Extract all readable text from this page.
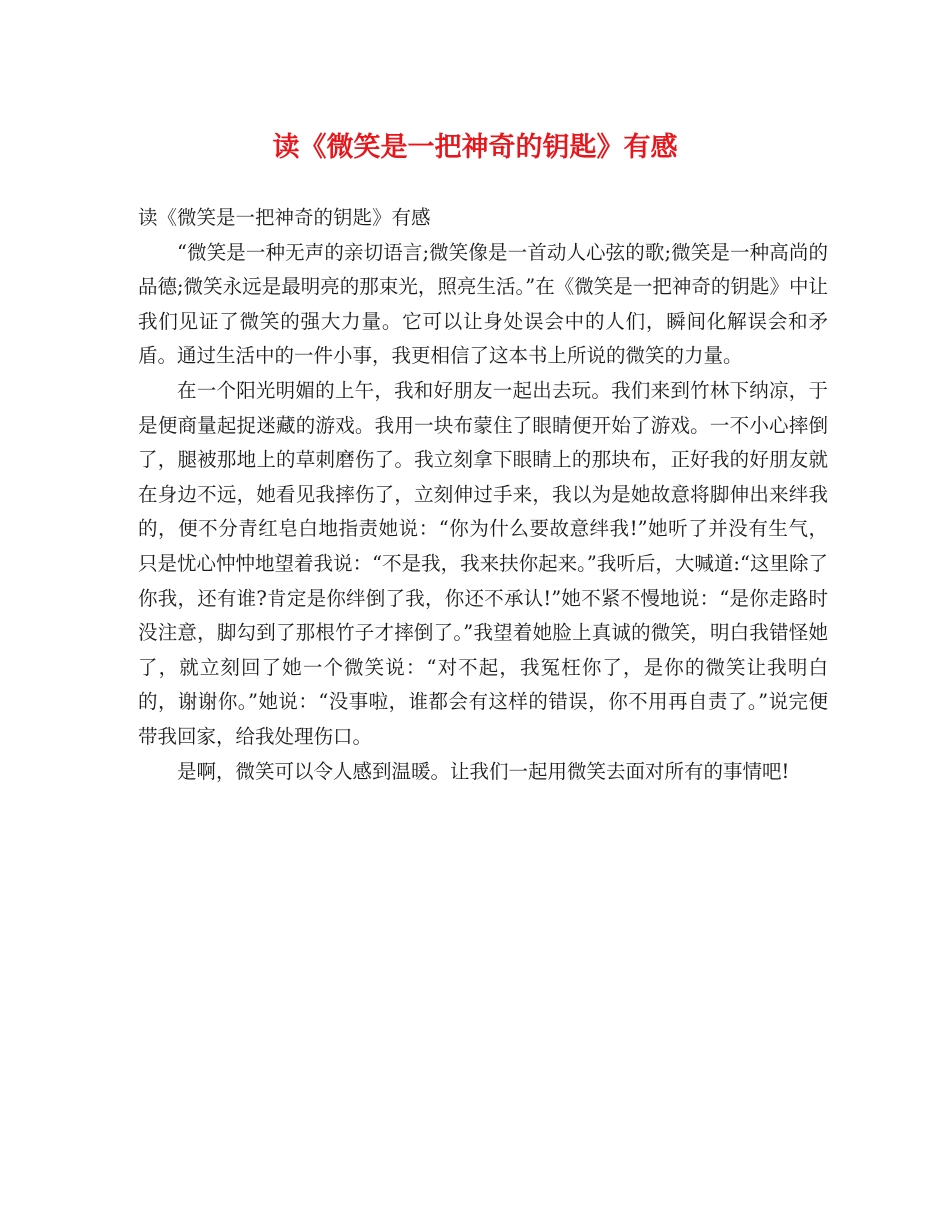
读《微笑是一把神奇的钥匙》有感

读《微笑是一把神奇的钥匙》有感

“微笑是一种无声的亲切语言;微笑像是一首动人心弦的歌;微笑是一种高尚的品德;微笑永远是最明亮的那束光，照亮生活。”在《微笑是一把神奇的钥匙》中让我们见证了微笑的强大力量。它可以让身处误会中的人们，瞬间化解误会和矛盾。通过生活中的一件小事，我更相信了这本书上所说的微笑的力量。

在一个阳光明媚的上午，我和好朋友一起出去玩。我们来到竹林下纳凉，于是便商量起捉迷藏的游戏。我用一块布蒙住了眼睛便开始了游戏。一不小心摔倒了，腿被那地上的草刺磨伤了。我立刻拿下眼睛上的那块布，正好我的好朋友就在身边不远，她看见我摔伤了，立刻伸过手来，我以为是她故意将脚伸出来绊我的，便不分青红皂白地指责她说：“你为什么要故意绊我!”她听了并没有生气，只是忧心忡忡地望着我说：“不是我，我来扶你起来。”我听后，大喊道:“这里除了你我，还有谁?肯定是你绊倒了我，你还不承认!”她不紧不慢地说：“是你走路时没注意，脚勾到了那根竹子才摔倒了。”我望着她脸上真诚的微笑，明白我错怪她了，就立刻回了她一个微笑说：“对不起，我冤枉你了，是你的微笑让我明白的，谢谢你。”她说：“没事啦，谁都会有这样的错误，你不用再自责了。”说完便带我回家，给我处理伤口。

是啊，微笑可以令人感到温暖。让我们一起用微笑去面对所有的事情吧!
